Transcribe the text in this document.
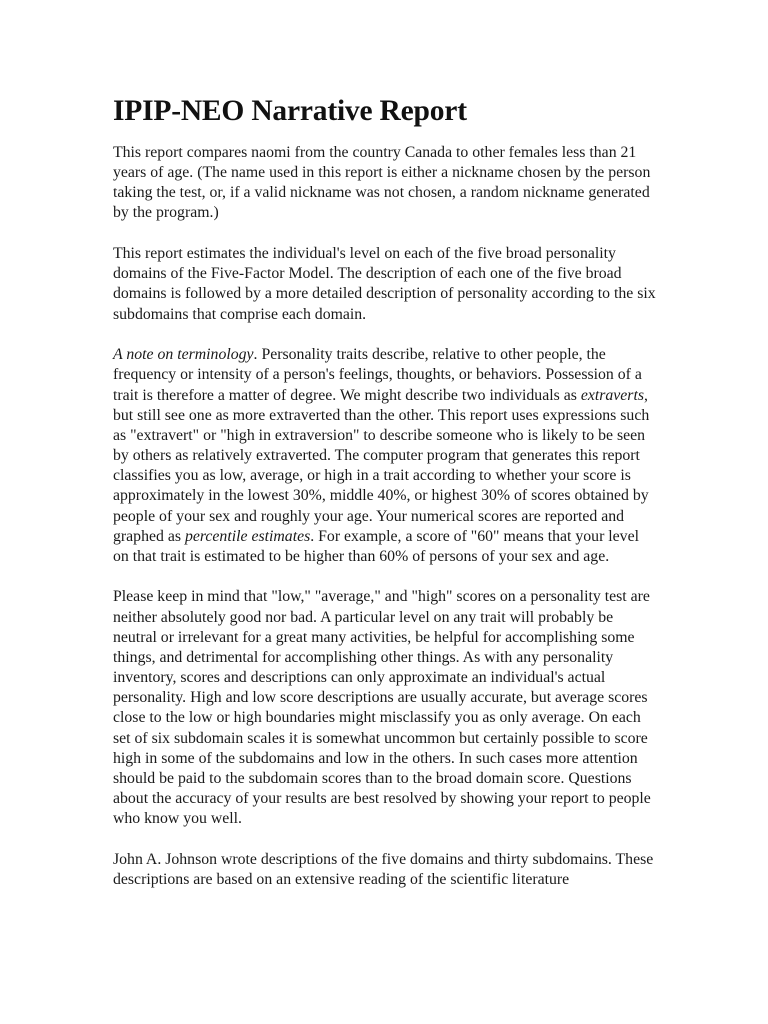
IPIP-NEO Narrative Report

This report compares naomi from the country Canada to other females less than 21 years of age. (The name used in this report is either a nickname chosen by the person taking the test, or, if a valid nickname was not chosen, a random nickname generated by the program.)

This report estimates the individual's level on each of the five broad personality domains of the Five-Factor Model. The description of each one of the five broad domains is followed by a more detailed description of personality according to the six subdomains that comprise each domain.

A note on terminology. Personality traits describe, relative to other people, the frequency or intensity of a person's feelings, thoughts, or behaviors. Possession of a trait is therefore a matter of degree. We might describe two individuals as extraverts, but still see one as more extraverted than the other. This report uses expressions such as "extravert" or "high in extraversion" to describe someone who is likely to be seen by others as relatively extraverted. The computer program that generates this report classifies you as low, average, or high in a trait according to whether your score is approximately in the lowest 30%, middle 40%, or highest 30% of scores obtained by people of your sex and roughly your age. Your numerical scores are reported and graphed as percentile estimates. For example, a score of "60" means that your level on that trait is estimated to be higher than 60% of persons of your sex and age.

Please keep in mind that "low," "average," and "high" scores on a personality test are neither absolutely good nor bad. A particular level on any trait will probably be neutral or irrelevant for a great many activities, be helpful for accomplishing some things, and detrimental for accomplishing other things. As with any personality inventory, scores and descriptions can only approximate an individual's actual personality. High and low score descriptions are usually accurate, but average scores close to the low or high boundaries might misclassify you as only average. On each set of six subdomain scales it is somewhat uncommon but certainly possible to score high in some of the subdomains and low in the others. In such cases more attention should be paid to the subdomain scores than to the broad domain score. Questions about the accuracy of your results are best resolved by showing your report to people who know you well.

John A. Johnson wrote descriptions of the five domains and thirty subdomains. These descriptions are based on an extensive reading of the scientific literature
